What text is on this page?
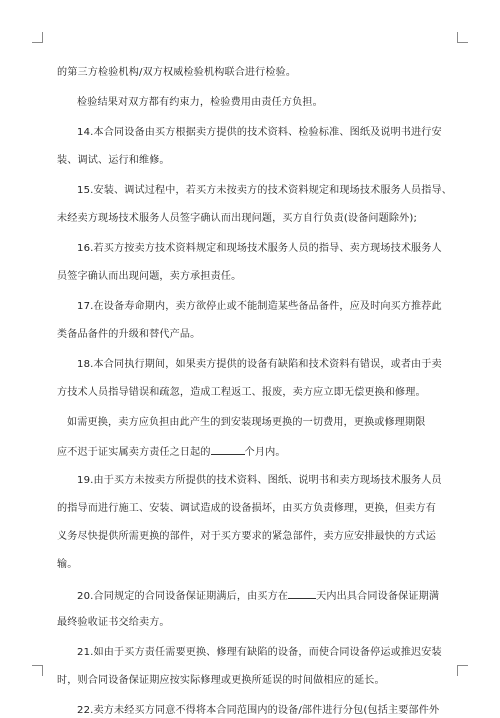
的第三方检验机构/双方权威检验机构联合进行检验。
检验结果对双方都有约束力，检验费用由责任方负担。
14.本合同设备由买方根据卖方提供的技术资料、检验标准、图纸及说明书进行安
装、调试、运行和维修。
15.安装、调试过程中，若买方未按卖方的技术资料规定和现场技术服务人员指导、
未经卖方现场技术服务人员签字确认而出现问题，买方自行负责(设备问题除外);
16.若买方按卖方技术资料规定和现场技术服务人员的指导、卖方现场技术服务人
员签字确认而出现问题，卖方承担责任。
17.在设备寿命期内，卖方欲停止或不能制造某些备品备件，应及时向买方推荐此
类备品备件的升级和替代产品。
18.本合同执行期间，如果卖方提供的设备有缺陷和技术资料有错误，或者由于卖
方技术人员指导错误和疏忽，造成工程返工、报废，卖方应立即无偿更换和修理。
如需更换，卖方应负担由此产生的到安装现场更换的一切费用，更换或修理期限
应不迟于证实属卖方责任之日起的	个月内。
19.由于买方未按卖方所提供的技术资料、图纸、说明书和卖方现场技术服务人员
的指导而进行施工、安装、调试造成的设备损坏，由买方负责修理，更换，但卖方有
义务尽快提供所需更换的部件，对于买方要求的紧急部件，卖方应安排最快的方式运
输。
20.合同规定的合同设备保证期满后，由买方在	天内出具合同设备保证期满
最终验收证书交给卖方。
21.如由于买方责任需要更换、修理有缺陷的设备，而使合同设备停运或推迟安装
时，则合同设备保证期应按实际修理或更换所延误的时间做相应的延长。
22.卖方未经买方同意不得将本合同范围内的设备/部件进行分包(包括主要部件外
